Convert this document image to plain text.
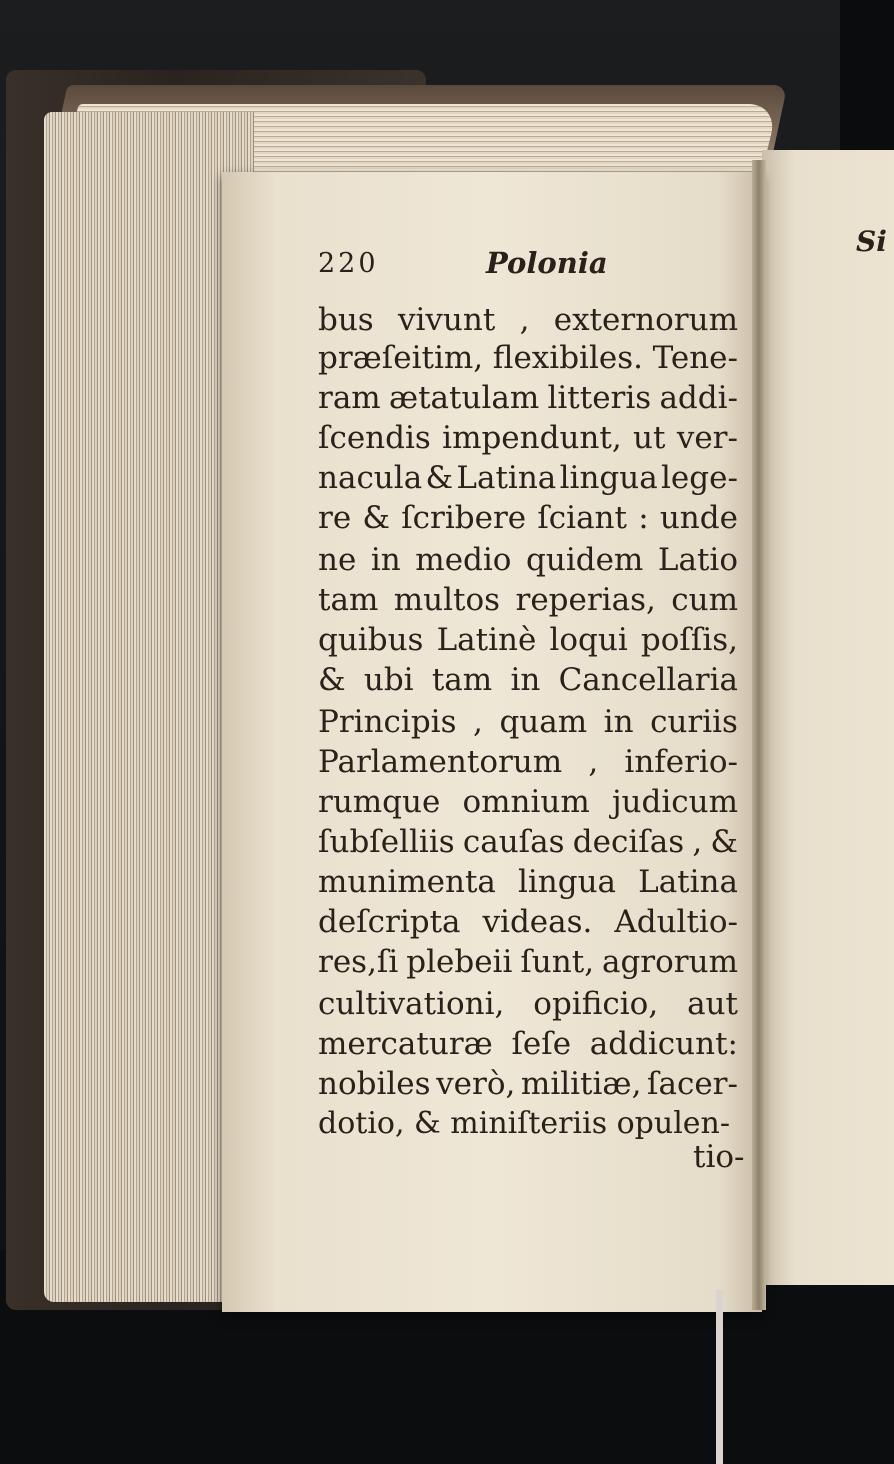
220	Polonia
bus vivunt , externorum
præſeitim, flexibiles. Tene-
ram ætatulam litteris addi-
ſcendis impendunt, ut ver-
nacula & Latina lingua lege-
re & ſcribere ſciant : unde
ne in medio quidem Latio
tam multos reperias, cum
quibus Latinè loqui poſſis,
& ubi tam in Cancellaria
Principis , quam in curiis
Parlamentorum , inferio-
rumque omnium judicum
ſubſelliis cauſas deciſas , &
munimenta lingua Latina
deſcripta videas. Adultio-
res,ſi plebeii ſunt, agrorum
cultivationi, opificio, aut
mercaturæ ſeſe addicunt:
nobiles verò, militiæ, ſacer-
dotio, & miniſteriis opulen-
tio-
Si
